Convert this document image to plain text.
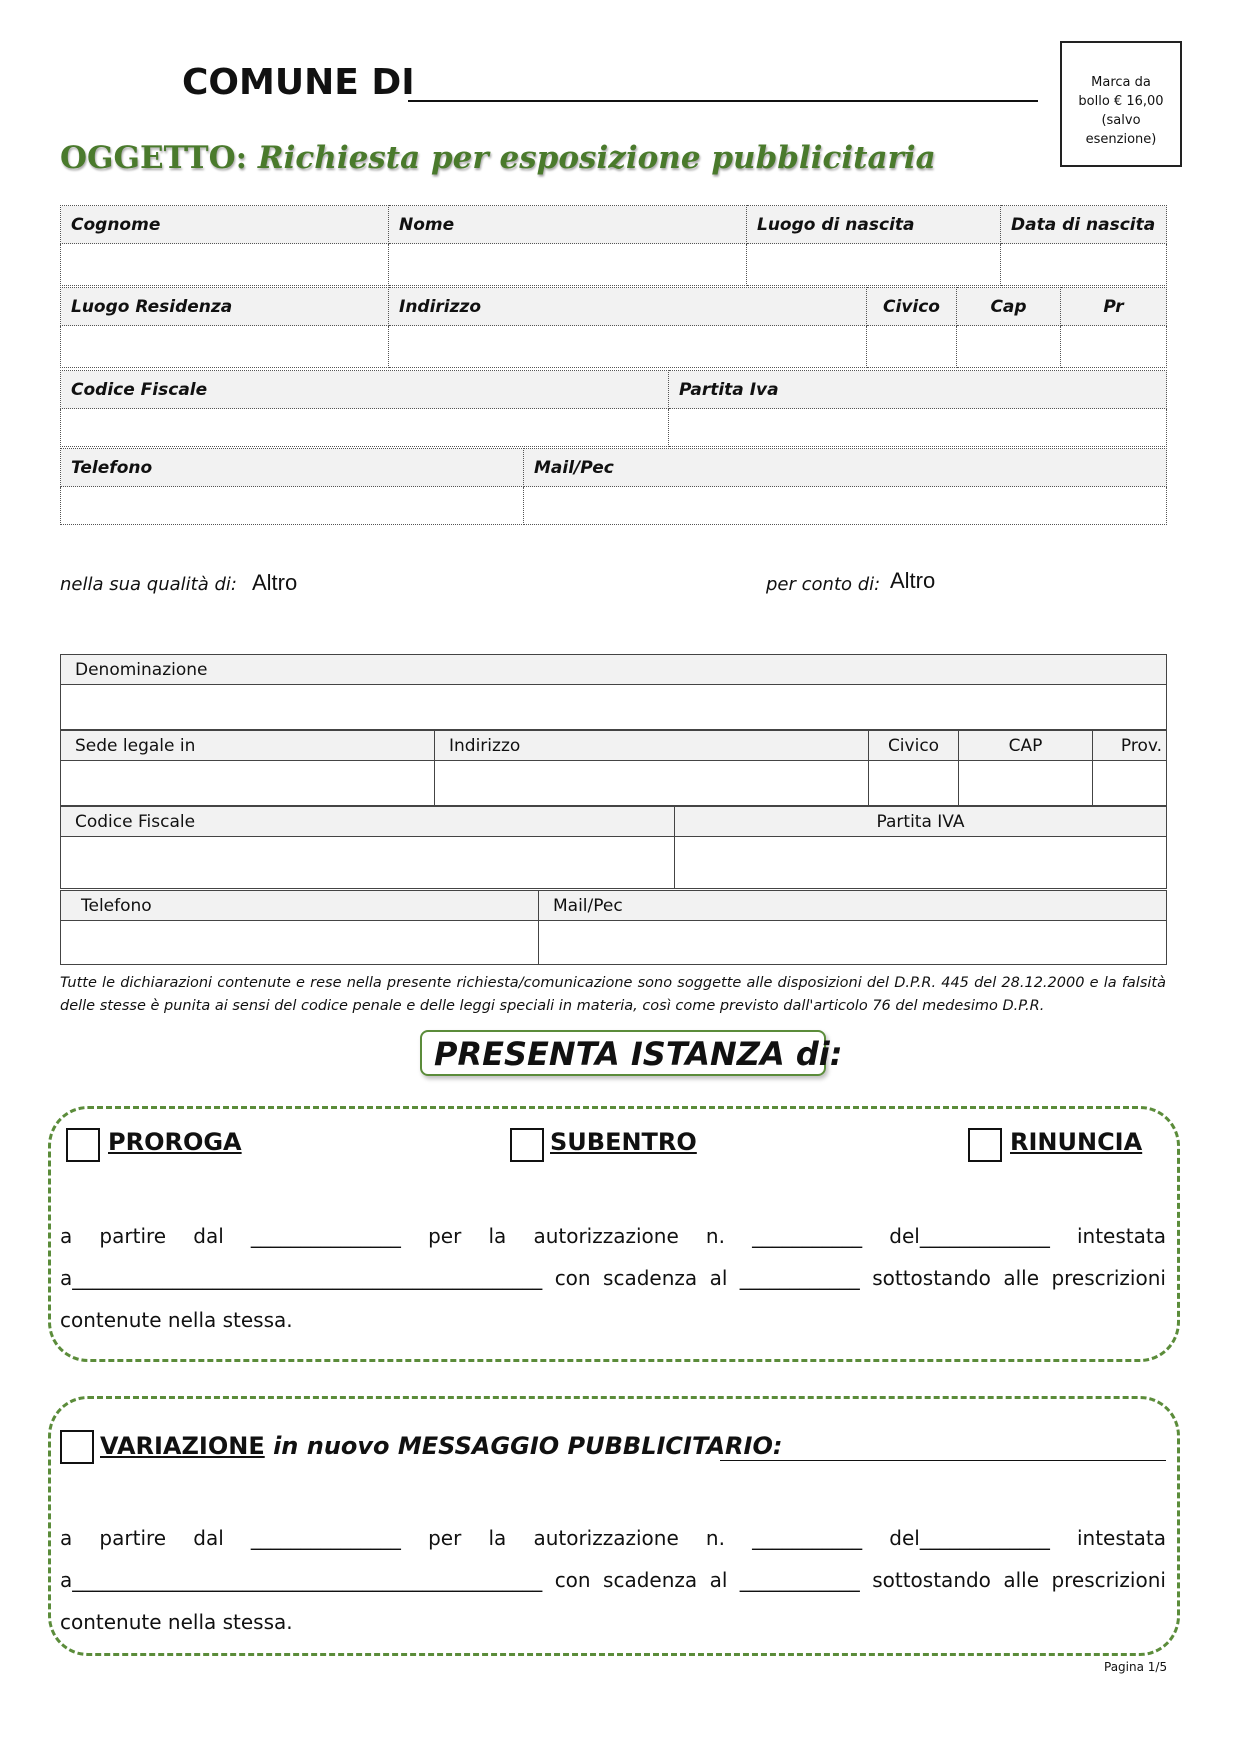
COMUNE DI	Marca da
bollo € 16,00
(salvo
esenzione)
OGGETTO: Richiesta per esposizione pubblicitaria
Cognome	Nome	Luogo di nascita	Data di nascita

Luogo Residenza	Indirizzo	Civico	Cap	Pr

Codice Fiscale	Partita Iva

Telefono	Mail/Pec

nella sua qualità di: Altro	per conto di: Altro
Denominazione

Sede legale in	Indirizzo	Civico	CAP	Prov.

Codice Fiscale	Partita IVA

Telefono	Mail/Pec

Tutte le dichiarazioni contenute e rese nella presente richiesta/comunicazione sono soggette alle disposizioni del D.P.R. 445 del 28.12.2000 e la falsità delle stesse è punita ai sensi del codice penale e delle leggi speciali in materia, così come previsto dall'articolo 76 del medesimo D.P.R.
PRESENTA ISTANZA di:
PROROGA	SUBENTRO	RINUNCIA
a partire dal _______________ per la autorizzazione n. ___________ del_____________ intestata
a_______________________________________________ con scadenza al ____________ sottostando alle prescrizioni
contenute nella stessa.
VARIAZIONE in nuovo MESSAGGIO PUBBLICITARIO:
a partire dal _______________ per la autorizzazione n. ___________ del_____________ intestata
a_______________________________________________ con scadenza al ____________ sottostando alle prescrizioni
contenute nella stessa.
Pagina 1/5
